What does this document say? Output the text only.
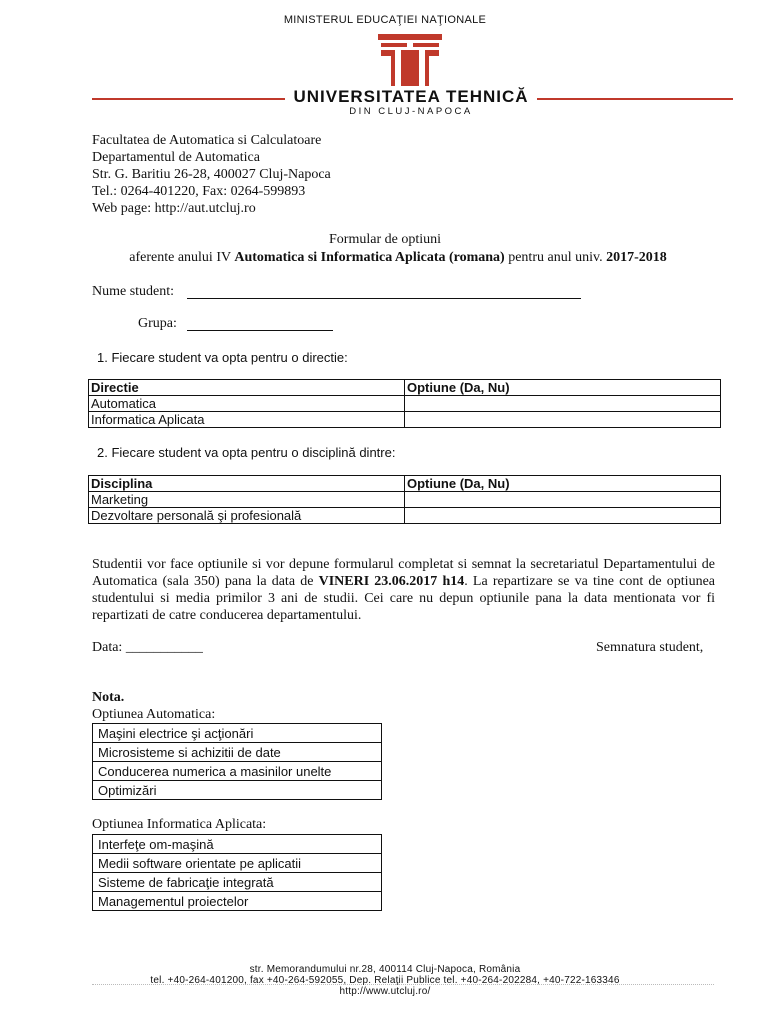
MINISTERUL EDUCAŢIEI NAŢIONALE
UNIVERSITATEA TEHNICĂ
DIN CLUJ-NAPOCA
Facultatea de Automatica si Calculatoare
Departamentul de Automatica
Str. G. Baritiu 26-28, 400027 Cluj-Napoca
Tel.: 0264-401220, Fax: 0264-599893
Web page: http://aut.utcluj.ro
Formular de optiuni
aferente anului IV Automatica si Informatica Aplicata (romana) pentru anul univ. 2017-2018
Nume student:
Grupa:
1. Fiecare student va opta pentru o directie:
Directie	Optiune (Da, Nu)
Automatica	
Informatica Aplicata	
2. Fiecare student va opta pentru o disciplină dintre:
Disciplina	Optiune (Da, Nu)
Marketing	
Dezvoltare personală şi profesională	
Studentii vor face optiunile si vor depune formularul completat si semnat la secretariatul Departamentului de Automatica (sala 350) pana la data de VINERI 23.06.2017 h14. La repartizare se va tine cont de optiunea studentului si media primilor 3 ani de studii. Cei care nu depun optiunile pana la data mentionata vor fi repartizati de catre conducerea departamentului.
Data: ___________	Semnatura student,
Nota.
Optiunea Automatica:
Maşini electrice şi acţionări
Microsisteme si achizitii de date
Conducerea numerica a masinilor unelte
Optimizări
Optiunea Informatica Aplicata:
Interfeţe om-maşină
Medii software orientate pe aplicatii
Sisteme de fabricaţie integrată
Managementul proiectelor
str. Memorandumului nr.28, 400114 Cluj-Napoca, România
tel. +40-264-401200, fax +40-264-592055, Dep. Relaţii Publice tel. +40-264-202284, +40-722-163346
http://www.utcluj.ro/
